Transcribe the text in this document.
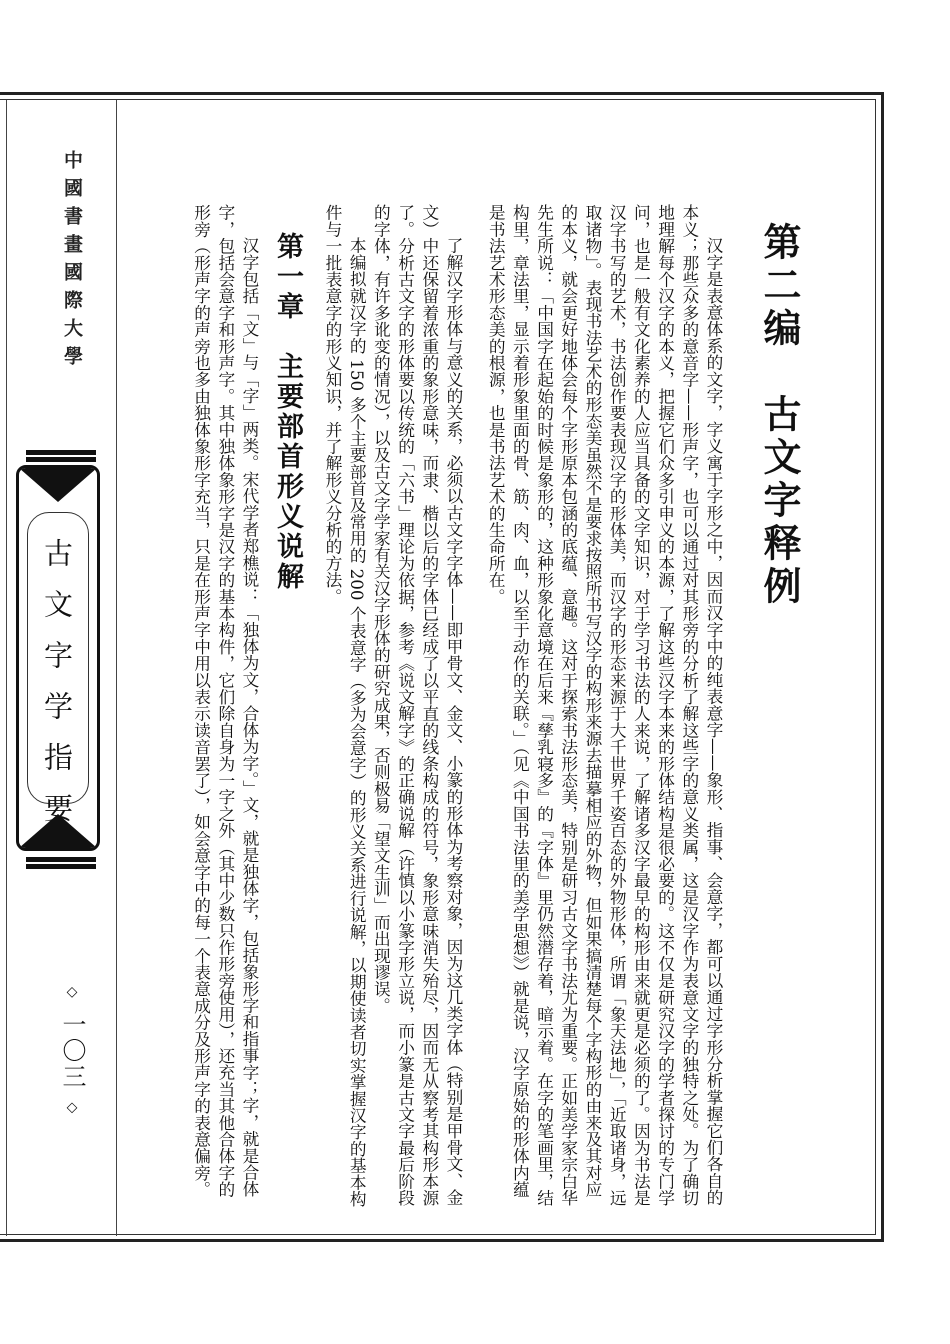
中國書畫國際大學
古文字学指要
◇ 一〇三 ◇
第二编　古文字释例

汉字是表意体系的文字，字义寓于字形之中，因而汉字中的纯表意字——象形、指事、会意字，都可以通过字形分析掌握它们各自的本义；那些众多的意音字——形声字，也可以通过对其形旁的分析了解这些字的意义类属，这是汉字作为表意文字的独特之处。为了确切地理解每个汉字的本义，把握它们众多引申义的本源，了解这些汉字本来的形体结构是很必要的。这不仅是研究汉字的学者探讨的专门学问，也是一般有文化素养的人应当具备的文字知识，对于学习书法的人来说，了解诸多汉字最早的构形由来就更是必须的了。因为书法是汉字书写的艺术，书法创作要表现汉字的形体美，而汉字的形态来源于大千世界千姿百态的外物形体，所谓「象天法地」，「近取诸身，远取诸物」。表现书法艺术的形态美虽然不是要求按照所书写汉字的构形来源去描摹相应的外物，但如果搞清楚每个字构形的由来及其对应的本义，就会更好地体会每个字形原本包涵的底蕴、意趣。这对于探索书法形态美，特别是研习古文字书法尤为重要。正如美学家宗白华先生所说：「中国字在起始的时候是象形的，这种形象化意境在后来『孳乳寝多』的『字体』里仍然潜存着，暗示着。在字的笔画里，结构里，章法里，显示着形象里面的骨、筋、肉、血，以至于动作的关联。」（见《中国书法里的美学思想》）就是说，汉字原始的形体内蕴是书法艺术形态美的根源，也是书法艺术的生命所在。

了解汉字形体与意义的关系，必须以古文字字体——即甲骨文、金文、小篆的形体为考察对象，因为这几类字体（特别是甲骨文、金文）中还保留着浓重的象形意味，而隶、楷以后的字体已经成了以平直的线条构成的符号，象形意味消失殆尽，因而无从察考其构形本源了。分析古文字的形体要以传统的「六书」理论为依据，参考《说文解字》的正确说解（许慎以小篆字形立说，而小篆是古文字最后阶段的字体，有许多讹变的情况），以及古文字学家有关汉字形体的研究成果，否则极易「望文生训」而出现谬误。

本编拟就汉字的 150 多个主要部首及常用的 200 个表意字（多为会意字）的形义关系进行说解，以期使读者切实掌握汉字的基本构件与一批表意字的形义知识，并了解形义分析的方法。

第一章　主要部首形义说解

汉字包括「文」与「字」两类。宋代学者郑樵说：「独体为文，合体为字。」文，就是独体字，包括象形字和指事字；字，就是合体字，包括会意字和形声字。其中独体象形字是汉字的基本构件，它们除自身为一字之外（其中少数只作形旁使用），还充当其他合体字的形旁（形声字的声旁也多由独体象形字充当，只是在形声字中用以表示读音罢了），如会意字中的每一个表意成分及形声字的表意偏旁。
